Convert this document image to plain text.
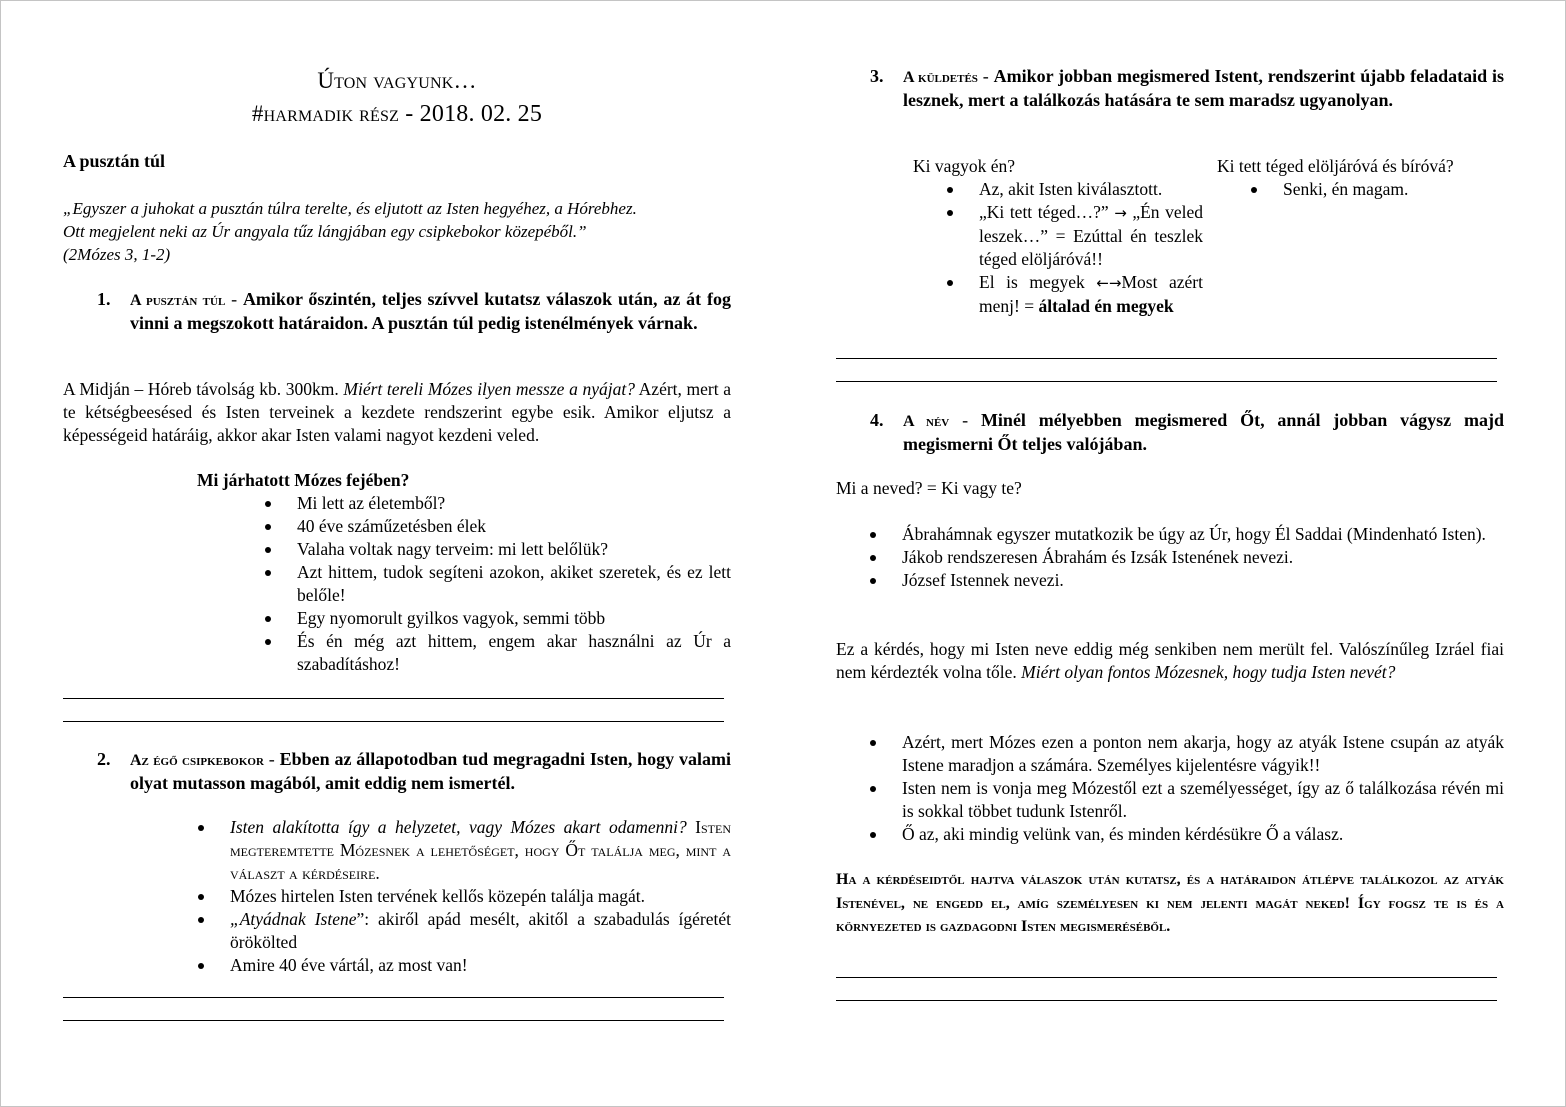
Úton vagyunk…
#harmadik rész - 2018. 02. 25
A pusztán túl
„Egyszer a juhokat a pusztán túlra terelte, és eljutott az Isten hegyéhez, a Hórebhez.
Ott megjelent neki az Úr angyala tűz lángjában egy csipkebokor közepéből.”
(2Mózes 3, 1-2)
1. A pusztán túl - Amikor őszintén, teljes szívvel kutatsz válaszok után, az át fog vinni a megszokott határaidon. A pusztán túl pedig istenélmények várnak.
A Midján – Hóreb távolság kb. 300km. Miért tereli Mózes ilyen messze a nyájat? Azért, mert a te kétségbeesésed és Isten terveinek a kezdete rendszerint egybe esik. Amikor eljutsz a képességeid határáig, akkor akar Isten valami nagyot kezdeni veled.
Mi járhatott Mózes fejében?
Mi lett az életemből?
40 éve száműzetésben élek
Valaha voltak nagy terveim: mi lett belőlük?
Azt hittem, tudok segíteni azokon, akiket szeretek, és ez lett belőle!
Egy nyomorult gyilkos vagyok, semmi több
És én még azt hittem, engem akar használni az Úr a szabadításhoz!
2. Az égő csipkebokor - Ebben az állapotodban tud megragadni Isten, hogy valami olyat mutasson magából, amit eddig nem ismertél.
Isten alakította így a helyzetet, vagy Mózes akart odamenni? Isten megteremtette Mózesnek a lehetőséget, hogy Őt találja meg, mint a választ a kérdéseire.
Mózes hirtelen Isten tervének kellős közepén találja magát.
„Atyádnak Istene”: akiről apád mesélt, akitől a szabadulás ígéretét örökölted
Amire 40 éve vártál, az most van!
3. A küldetés - Amikor jobban megismered Istent, rendszerint újabb feladataid is lesznek, mert a találkozás hatására te sem maradsz ugyanolyan.
Ki vagyok én?
Az, akit Isten kiválasztott.
„Ki tett téged…?” → „Én veled leszek…” = Ezúttal én teszlek téged elöljáróvá!!
El is megyek ←→Most azért menj! = általad én megyek
Ki tett téged elöljáróvá és bíróvá?
Senki, én magam.
4. A név - Minél mélyebben megismered Őt, annál jobban vágysz majd megismerni Őt teljes valójában.
Mi a neved? = Ki vagy te?
Ábrahámnak egyszer mutatkozik be úgy az Úr, hogy Él Saddai (Mindenható Isten).
Jákob rendszeresen Ábrahám és Izsák Istenének nevezi.
József Istennek nevezi.
Ez a kérdés, hogy mi Isten neve eddig még senkiben nem merült fel. Valószínűleg Izráel fiai nem kérdezték volna tőle. Miért olyan fontos Mózesnek, hogy tudja Isten nevét?
Azért, mert Mózes ezen a ponton nem akarja, hogy az atyák Istene csupán az atyák Istene maradjon a számára. Személyes kijelentésre vágyik!!
Isten nem is vonja meg Mózestől ezt a személyességet, így az ő találkozása révén mi is sokkal többet tudunk Istenről.
Ő az, aki mindig velünk van, és minden kérdésükre Ő a válasz.
Ha a kérdéseidtől hajtva válaszok után kutatsz, és a határaidon átlépve találkozol az atyák Istenével, ne engedd el, amíg személyesen ki nem jelenti magát neked! Így fogsz te is és a környezeted is gazdagodni Isten megismeréséből.
